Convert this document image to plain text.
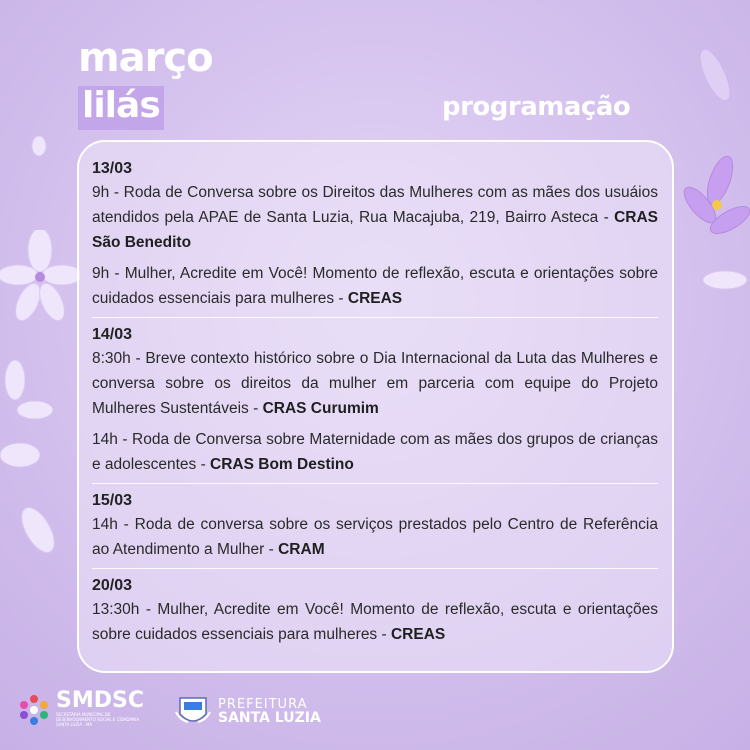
março
lilás	programação
13/03
9h - Roda de Conversa sobre os Direitos das Mulheres com as mães dos usuáios atendidos pela APAE de Santa Luzia, Rua Macajuba, 219, Bairro Asteca - CRAS São Benedito
9h - Mulher, Acredite em Você! Momento de reflexão, escuta e orientações sobre cuidados essenciais para mulheres - CREAS
14/03
8:30h - Breve contexto histórico sobre o Dia Internacional da Luta das Mulheres e conversa sobre os direitos da mulher em parceria com equipe do Projeto Mulheres Sustentáveis - CRAS Curumim
14h - Roda de Conversa sobre Maternidade com as mães dos grupos de crianças e adolescentes - CRAS Bom Destino
15/03
14h - Roda de conversa sobre os serviços prestados pelo Centro de Referência ao Atendimento a Mulher - CRAM
20/03
13:30h - Mulher, Acredite em Você! Momento de reflexão, escuta e orientações sobre cuidados essenciais para mulheres - CREAS
SMDSC
SECRETARIA MUNICIPAL DE DESENVOLVIMENTO SOCIAL E CIDADANIA SANTA LUZIA - MA
PREFEITURA
SANTA LUZIA
